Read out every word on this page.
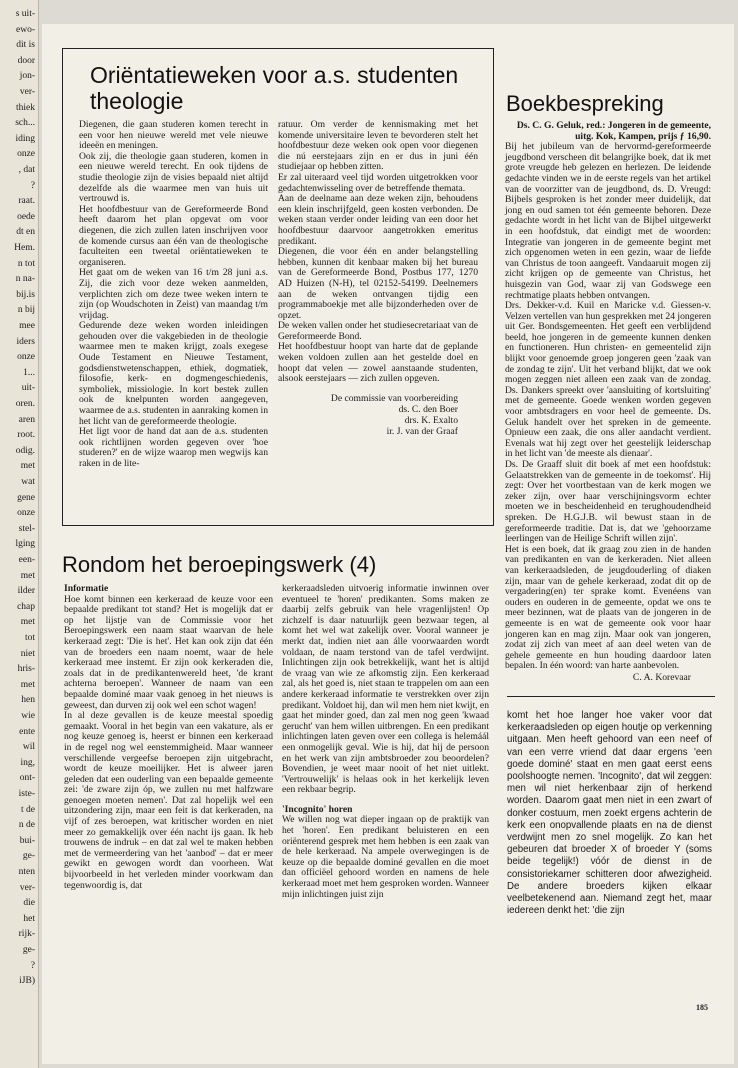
s uit-
ewo-
dit is
door
jon-
ver-
thiek
sch...
iding
onze
, dat
?
raat.
oede
dt en
Hem.
n tot
n na-
bij.is
n bij
mee
iders
onze
1...
uit-
oren.
aren
root.
odig.
met
wat
gene
onze
stel-
lging
een-
met
ilder
chap
met
tot
niet
hris-
met
hen
wie
ente
wil
ing,
ont-
iste-
t de
n de
bui-
ge-
nten
ver-
die
het
rijk-
ge-
?
iJB)
Oriëntatieweken voor a.s. studenten theologie

Diegenen, die gaan studeren komen terecht in een voor hen nieuwe wereld met vele nieuwe ideeën en meningen.

Ook zij, die theologie gaan studeren, komen in een nieuwe wereld terecht. En ook tijdens de studie theologie zijn de visies bepaald niet altijd dezelfde als die waarmee men van huis uit vertrouwd is.

Het hoofdbestuur van de Gereformeerde Bond heeft daarom het plan opgevat om voor diegenen, die zich zullen laten inschrijven voor de komende cursus aan één van de theologische faculteiten een tweetal oriëntatieweken te organiseren.

Het gaat om de weken van 16 t/m 28 juni a.s. Zij, die zich voor deze weken aanmelden, verplichten zich om deze twee weken intern te zijn (op Woudschoten in Zeist) van maandag t/m vrijdag.

Gedurende deze weken worden inleidingen gehouden over die vakgebieden in de theologie waarmee men te maken krijgt, zoals exegese Oude Testament en Nieuwe Testament, godsdienstwetenschappen, ethiek, dogmatiek, filosofie, kerk- en dogmengeschiedenis, symboliek, missiologie. In kort bestek zullen ook de knelpunten worden aangegeven, waarmee de a.s. studenten in aanraking komen in het licht van de gereformeerde theologie.

Het ligt voor de hand dat aan de a.s. studenten ook richtlijnen worden gegeven over 'hoe studeren?' en de wijze waarop men wegwijs kan raken in de lite-

ratuur. Om verder de kennismaking met het komende universitaire leven te bevorderen stelt het hoofdbestuur deze weken ook open voor diegenen die nú eerstejaars zijn en er dus in juni één studiejaar op hebben zitten.

Er zal uiteraard veel tijd worden uitgetrokken voor gedachtenwisseling over de betreffende themata.

Aan de deelname aan deze weken zijn, behoudens een klein inschrijfgeld, geen kosten verbonden. De weken staan verder onder leiding van een door het hoofdbestuur daarvoor aangetrokken emeritus predikant.

Diegenen, die voor één en ander belangstelling hebben, kunnen dit kenbaar maken bij het bureau van de Gereformeerde Bond, Postbus 177, 1270 AD Huizen (N-H), tel 02152-54199. Deelnemers aan de weken ontvangen tijdig een programmaboekje met alle bijzonderheden over de opzet.

De weken vallen onder het studiesecretariaat van de Gereformeerde Bond.

Het hoofdbestuur hoopt van harte dat de geplande weken voldoen zullen aan het gestelde doel en hoopt dat velen — zowel aanstaande studenten, alsook eerstejaars — zich zullen opgeven.

De commissie van voorbereiding

ds. C. den Boer

drs. K. Exalto

ir. J. van der Graaf

Rondom het beroepingswerk (4)

Informatie

Hoe komt binnen een kerkeraad de keuze voor een bepaalde predikant tot stand? Het is mogelijk dat er op het lijstje van de Commissie voor het Beroepingswerk een naam staat waarvan de hele kerkeraad zegt: 'Die is het'. Het kan ook zijn dat één van de broeders een naam noemt, waar de hele kerkeraad mee instemt. Er zijn ook kerkeraden die, zoals dat in de predikantenwereld heet, 'de krant achterna beroepen'. Wanneer de naam van een bepaalde dominé maar vaak genoeg in het nieuws is geweest, dan durven zij ook wel een schot wagen!

In al deze gevallen is de keuze meestal spoedig gemaakt. Vooral in het begin van een vakature, als er nog keuze genoeg is, heerst er binnen een kerkeraad in de regel nog wel eenstemmigheid. Maar wanneer verschillende vergeefse beroepen zijn uitgebracht, wordt de keuze moeilijker. Het is alweer jaren geleden dat een ouderling van een bepaalde gemeente zei: 'de zware zijn óp, we zullen nu met halfzware genoegen moeten nemen'. Dat zal hopelijk wel een uitzondering zijn, maar een feit is dat kerkeraden, na vijf of zes beroepen, wat kritischer worden en niet meer zo gemakkelijk over één nacht ijs gaan. Ik heb trouwens de indruk – en dat zal wel te maken hebben met de vermeerdering van het 'aanbod' – dat er meer gewikt en gewogen wordt dan voorheen. Wat bijvoorbeeld in het verleden minder voorkwam dan tegenwoordig is, dat

kerkeraadsleden uitvoerig informatie inwinnen over eventueel te 'horen' predikanten. Soms maken ze daarbij zelfs gebruik van hele vragenlijsten! Op zichzelf is daar natuurlijk geen bezwaar tegen, al komt het wel wat zakelijk over. Vooral wanneer je merkt dat, indien niet aan álle voorwaarden wordt voldaan, de naam terstond van de tafel verdwijnt. Inlichtingen zijn ook betrekkelijk, want het is altijd de vraag van wie ze afkomstig zijn. Een kerkeraad zal, als het goed is, niet staan te trappelen om aan een andere kerkeraad informatie te verstrekken over zijn predikant. Voldoet hij, dan wil men hem niet kwijt, en gaat het minder goed, dan zal men nog geen 'kwaad gerucht' van hem willen uitbrengen. En een predikant inlichtingen laten geven over een collega is helemáál een onmogelijk geval. Wie is hij, dat hij de persoon en het werk van zijn ambtsbroeder zou beoordelen? Bovendien, je weet maar nooit of het niet uitlekt. 'Vertrouwelijk' is helaas ook in het kerkelijk leven een rekbaar begrip.

'Incognito' horen

We willen nog wat dieper ingaan op de praktijk van het 'horen'. Een predikant beluisteren en een oriënterend gesprek met hem hebben is een zaak van de hele kerkeraad. Na ampele overwegingen is de keuze op die bepaalde dominé gevallen en die moet dan officiëel gehoord worden en namens de hele kerkeraad moet met hem gesproken worden. Wanneer mijn inlichtingen juist zijn

Boekbespreking

Ds. C. G. Geluk, red.: Jongeren in de gemeente, uitg. Kok, Kampen, prijs ƒ 16,90.

Bij het jubileum van de hervormd-gereformeerde jeugdbond verscheen dit belangrijke boek, dat ik met grote vreugde heb gelezen en herlezen. De leidende gedachte vinden we in de eerste regels van het artikel van de voorzitter van de jeugdbond, ds. D. Vreugd: Bijbels gesproken is het zonder meer duidelijk, dat jong en oud samen tot één gemeente behoren. Deze gedachte wordt in het licht van de Bijbel uitgewerkt in een hoofdstuk, dat eindigt met de woorden: Integratie van jongeren in de gemeente begint met zich opgenomen weten in een gezin, waar de liefde van Christus de toon aangeeft. Vandaaruit mogen zij zicht krijgen op de gemeente van Christus, het huisgezin van God, waar zij van Godswege een rechtmatige plaats hebben ontvangen.

Drs. Dekker-v.d. Kuil en Maricke v.d. Giessen-v. Velzen vertellen van hun gesprekken met 24 jongeren uit Ger. Bondsgemeenten. Het geeft een verblijdend beeld, hoe jongeren in de gemeente kunnen denken en functioneren. Hun christen- en gemeentelid zijn blijkt voor genoemde groep jongeren geen 'zaak van de zondag te zijn'. Uit het verband blijkt, dat we ook mogen zeggen niet alleen een zaak van de zondag. Ds. Dankers spreekt over 'aansluiting of kortsluiting' met de gemeente. Goede wenken worden gegeven voor ambtsdragers en voor heel de gemeente. Ds. Geluk handelt over het spreken in de gemeente. Opnieuw een zaak, die ons aller aandacht verdient. Evenals wat hij zegt over het geestelijk leiderschap in het licht van 'de meeste als dienaar'.

Ds. De Graaff sluit dit boek af met een hoofdstuk: Gelaatstrekken van de gemeente in de toekomst'. Hij zegt: Over het voortbestaan van de kerk mogen we zeker zijn, over haar verschijningsvorm echter moeten we in bescheidenheid en terughoudendheid spreken. De H.G.J.B. wil bewust staan in de gereformeerde traditie. Dat is, dat we 'gehoorzame leerlingen van de Heilige Schrift willen zijn'.

Het is een boek, dat ik graag zou zien in de handen van predikanten en van de kerkeraden. Niet alleen van kerkeraadsleden, de jeugdouderling of diaken zijn, maar van de gehele kerkeraad, zodat dit op de vergadering(en) ter sprake komt. Evenéens van ouders en ouderen in de gemeente, opdat we ons te meer bezinnen, wat de plaats van de jongeren in de gemeente is en wat de gemeente ook voor haar jongeren kan en mag zijn. Maar ook van jongeren, zodat zij zich van meet af aan deel weten van de gehele gemeente en hun houding daardoor laten bepalen. In één woord: van harte aanbevolen.

C. A. Korevaar

komt het hoe langer hoe vaker voor dat kerkeraadsleden op eigen houtje op verkenning uitgaan. Men heeft gehoord van een neef of van een verre vriend dat daar ergens 'een goede dominé' staat en men gaat eerst eens poolshoogte nemen. 'Incognito', dat wil zeggen: men wil niet herkenbaar zijn of herkend worden. Daarom gaat men niet in een zwart of donker costuum, men zoekt ergens achterin de kerk een onopvallende plaats en na de dienst verdwijnt men zo snel mogelijk. Zo kan het gebeuren dat broeder X of broeder Y (soms beide tegelijk!) vóór de dienst in de consistoriekamer schitteren door afwezigheid. De andere broeders kijken elkaar veelbetekenend aan. Niemand zegt het, maar iedereen denkt het: 'die zijn

185
